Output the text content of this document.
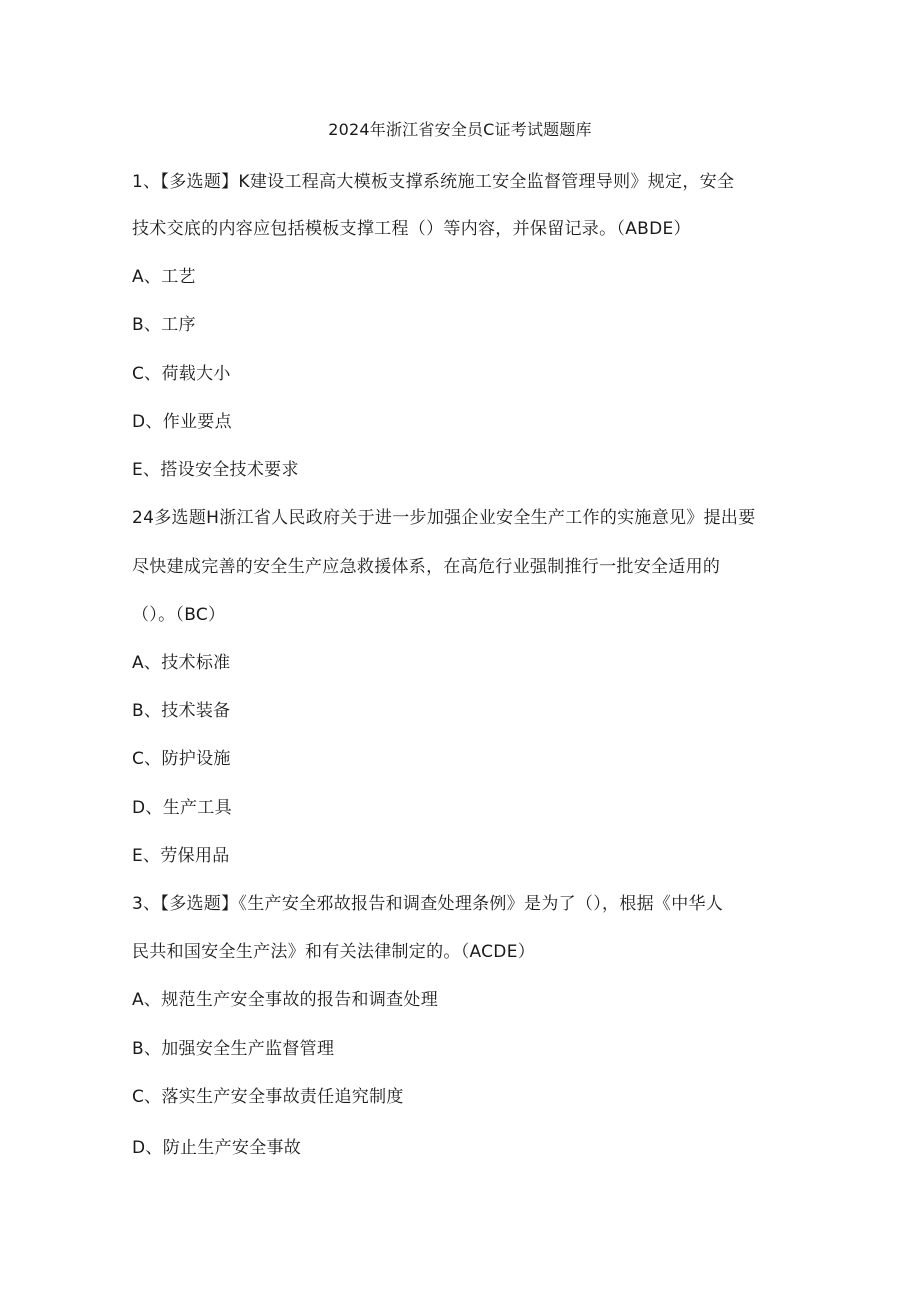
2024年浙江省安全员C证考试题题库
1、【多选题】K建设工程高大模板支撑系统施工安全监督管理导则》规定，安全
技术交底的内容应包括模板支撑工程（）等内容，并保留记录。（ABDE）
A、工艺
B、工序
C、荷载大小
D、作业要点
E、搭设安全技术要求
24多选题H浙江省人民政府关于进一步加强企业安全生产工作的实施意见》提出要
尽快建成完善的安全生产应急救援体系，在高危行业强制推行一批安全适用的
（）。（BC）
A、技术标准
B、技术装备
C、防护设施
D、生产工具
E、劳保用品
3、【多选题】《生产安全邪故报告和调查处理条例》是为了（），根据《中华人
民共和国安全生产法》和有关法律制定的。（ACDE）
A、规范生产安全事故的报告和调查处理
B、加强安全生产监督管理
C、落实生产安全事故责任追究制度
D、防止生产安全事故
